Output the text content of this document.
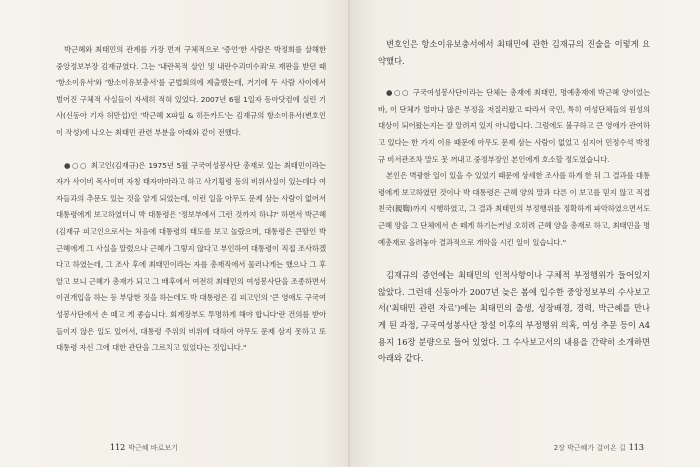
박근혜와 최태민의 관계를 가장 먼저 구체적으로 '증언'한 사람은 박정희를 살해한 중앙정보부장 김재규였다. 그는 '내란목적 살인 및 내란수괴미수죄'로 재판을 받던 때 '항소이유서'와 '항소이유보충서'를 군법회의에 제출했는데, 거기에 두 사람 사이에서 벌어진 구체적 사실들이 자세히 적혀 있었다. 2007년 6월 1일자 동아닷컴에 실린 기사(신동아 기자 허만섭)인 '박근혜 X파일 & 히든카드'는 김재규의 항소이유서(변호인이 작성)에 나오는 최태민 관련 부분을 아래와 같이 전했다.

●○○ 최고인(김재규)은 1975년 5월 구국여성봉사단 총재로 있는 최태민이라는 자가 사이비 목사이며 자칭 태자마마라고 하고 사기횡령 등의 비위사실이 있는데다 여자들과의 추문도 있는 것을 알게 되었는데, 이런 일을 아무도 문제 삼는 사람이 없어서 대통령에게 보고하였더니 박 대통령은 '정보부에서 그런 것까지 하냐?' 하면서 박근혜(김재규 피고인으로서는 처음에 대통령의 태도를 보고 놀랐으며, 대통령은 큰딸인 박근혜에게 그 사실을 알렸으나 근혜가 그렇지 않다고 부인하여 대통령이 직접 조사하겠다고 하였는데, 그 조사 후에 최태민이라는 자를 총재직에서 물러나게는 했으나 그 후 알고 보니 근혜가 총재가 되고 그 배후에서 여전히 최태민의 여성봉사단을 조종하면서 이권개입을 하는 등 부당한 짓을 하는데도 박 대통령은 김 피고인의 '큰 영애도 구국여성봉사단에서 손 떼고 게 좋습니다. 회계장부도 투명하게 해야 합니다'란 건의를 받아들이지 않은 일도 있어서, 대통령 주위의 비위에 대하여 아무도 문제 삼지 못하고 또 대통령 자신 그에 대한 관단을 그르치고 있었다는 것입니다."

112 박근혜 바로보기

변호인은 항소이유보충서에서 최태민에 관한 김재규의 진술을 이렇게 요약했다.

●○○ 구국여성봉사단이라는 단체는 총재에 최태민, 명예총재에 박근혜 양이었는 바, 이 단체가 얼마나 많은 부정을 저질러왔고 따라서 국민, 특히 여성단체들의 원성의 대상이 되어왔는지는 잘 알려져 있지 아니합니다. 그럼에도 불구하고 큰 영애가 관여하고 있다는 한 가지 이유 때문에 아무도 문제 삼는 사람이 없었고 심지어 민정수석 박정규 비서관조차 말도 못 꺼내고 중정부장인 본인에게 호소할 정도였습니다.

본인은 벽광한 일이 있을 수 있었기 때문에 상세한 조사를 하게 한 뒤 그 결과를 대통령에게 보고하였던 것이나 박 대통령은 근혜 양의 말과 다른 이 보고를 믿지 않고 직접 친국(親鞫)까지 시행하였고, 그 결과 최태민의 부정행위를 정확하게 파악하였으면서도 근혜 양을 그 단체에서 손 떼게 하기는커녕 오히려 근혜 양을 총재로 하고, 최태민을 명예총재로 올려놓아 결과적으로 개악을 시킨 일이 있습니다."

김재규의 증언에는 최태민의 인적사항이나 구체적 부정행위가 들어있지 않았다. 그런데 신동아가 2007년 늦은 봄에 입수한 중앙정보부의 수사보고서('최태민 관련 자료')에는 최태민의 출생, 성장배경, 경력, 박근혜를 만나게 된 과정, 구국여성봉사단 창설 이후의 부정행위 의혹, 여성 추문 등이 A4용지 16장 분량으로 들어 있었다. 그 수사보고서의 내용을 간략히 소개하면 아래와 같다.

2장 박근혜가 걸어온 길 113
